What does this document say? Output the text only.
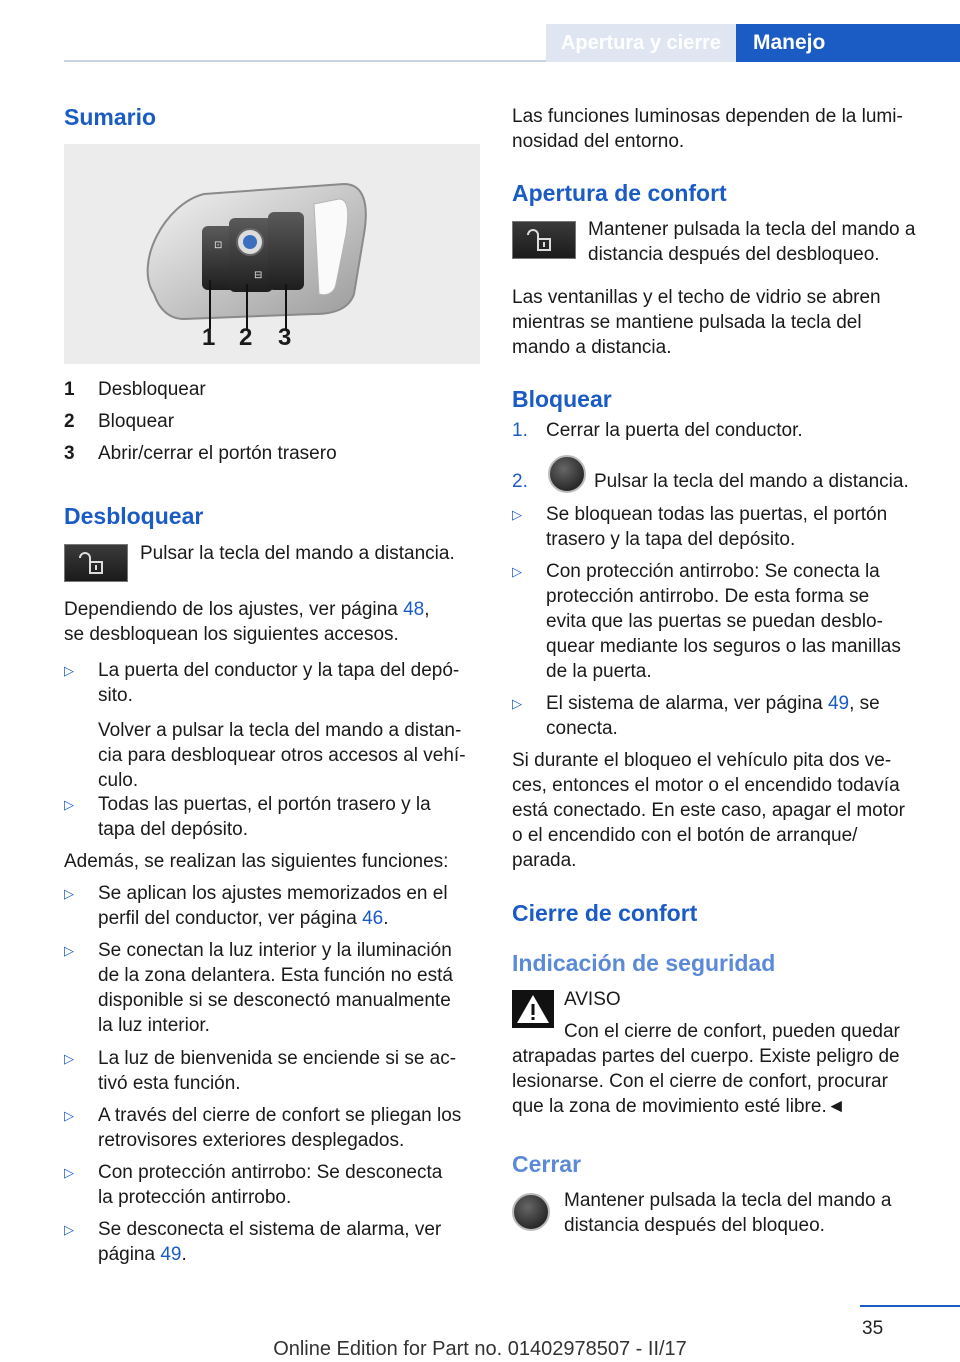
Apertura y cierre	Manejo
Sumario
⊡
⊟
1 2 3
1 Desbloquear
2 Bloquear
3 Abrir/cerrar el portón trasero
Desbloquear

Pulsar la tecla del mando a distancia.

Dependiendo de los ajustes, ver página 48,

se desbloquean los siguientes accesos.

▷ La puerta del conductor y la tapa del depó-
sito.
Volver a pulsar la tecla del mando a distan-
cia para desbloquear otros accesos al vehí-
culo.
▷ Todas las puertas, el portón trasero y la
tapa del depósito.

Además, se realizan las siguientes funciones:

▷ Se aplican los ajustes memorizados en el
perfil del conductor, ver página 46.
▷ Se conectan la luz interior y la iluminación
de la zona delantera. Esta función no está
disponible si se desconectó manualmente
la luz interior.
▷ La luz de bienvenida se enciende si se ac-
tivó esta función.
▷ A través del cierre de confort se pliegan los
retrovisores exteriores desplegados.
▷ Con protección antirrobo: Se desconecta
la protección antirrobo.
▷ Se desconecta el sistema de alarma, ver
página 49.

Las funciones luminosas dependen de la lumi-

nosidad del entorno.

Apertura de confort

Mantener pulsada la tecla del mando a

distancia después del desbloqueo.

Las ventanillas y el techo de vidrio se abren

mientras se mantiene pulsada la tecla del

mando a distancia.

Bloquear
1. Cerrar la puerta del conductor.
2.	Pulsar la tecla del mando a distancia.
▷ Se bloquean todas las puertas, el portón
trasero y la tapa del depósito.
▷ Con protección antirrobo: Se conecta la
protección antirrobo. De esta forma se
evita que las puertas se puedan desblo-
quear mediante los seguros o las manillas
de la puerta.
▷ El sistema de alarma, ver página 49, se
conecta.
Si durante el bloqueo el vehículo pita dos ve-
ces, entonces el motor o el encendido todavía
está conectado. En este caso, apagar el motor
o el encendido con el botón de arranque/
parada.
Cierre de confort
Indicación de seguridad

AVISO

Con el cierre de confort, pueden quedar

atrapadas partes del cuerpo. Existe peligro de

lesionarse. Con el cierre de confort, procurar

que la zona de movimiento esté libre.◄

Cerrar

Mantener pulsada la tecla del mando a

distancia después del bloqueo.

35
Online Edition for Part no. 01402978507 - II/17
